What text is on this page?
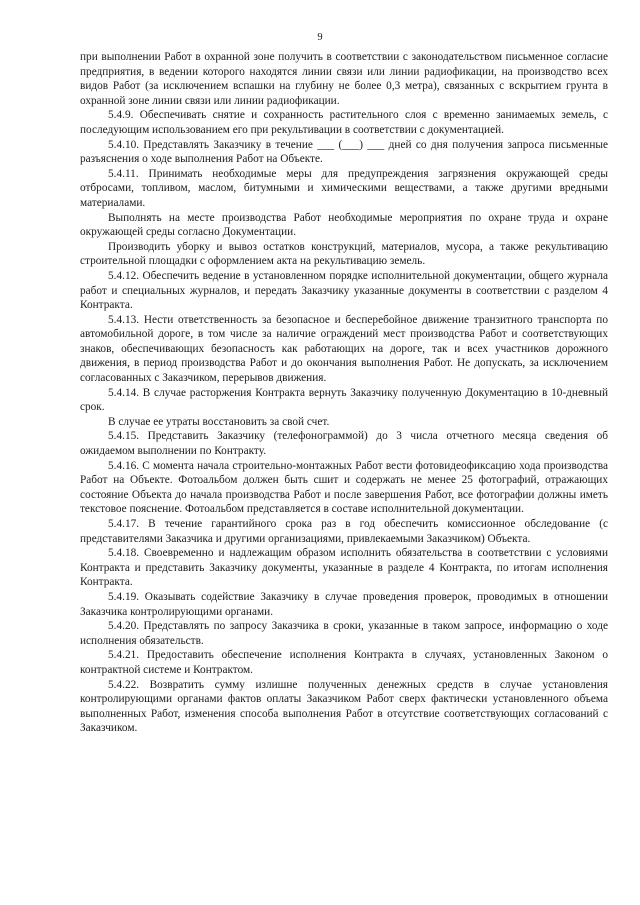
9

при выполнении Работ в охранной зоне получить в соответствии с законодательством письменное согласие предприятия, в ведении которого находятся линии связи или линии радиофикации, на производство всех видов Работ (за исключением вспашки на глубину не более 0,3 метра), связанных с вскрытием грунта в охранной зоне линии связи или линии радиофикации.

5.4.9. Обеспечивать снятие и сохранность растительного слоя с временно занимаемых земель, с последующим использованием его при рекультивации в соответствии с документацией.

5.4.10. Представлять Заказчику в течение ___ (___) ___ дней со дня получения запроса письменные разъяснения о ходе выполнения Работ на Объекте.

5.4.11. Принимать необходимые меры для предупреждения загрязнения окружающей среды отбросами, топливом, маслом, битумными и химическими веществами, а также другими вредными материалами.

Выполнять на месте производства Работ необходимые мероприятия по охране труда и охране окружающей среды согласно Документации.

Производить уборку и вывоз остатков конструкций, материалов, мусора, а также рекультивацию строительной площадки с оформлением акта на рекультивацию земель.

5.4.12. Обеспечить ведение в установленном порядке исполнительной документации, общего журнала работ и специальных журналов, и передать Заказчику указанные документы в соответствии с разделом 4 Контракта.

5.4.13. Нести ответственность за безопасное и бесперебойное движение транзитного транспорта по автомобильной дороге, в том числе за наличие ограждений мест производства Работ и соответствующих знаков, обеспечивающих безопасность как работающих на дороге, так и всех участников дорожного движения, в период производства Работ и до окончания выполнения Работ. Не допускать, за исключением согласованных с Заказчиком, перерывов движения.

5.4.14. В случае расторжения Контракта вернуть Заказчику полученную Документацию в 10-дневный срок.

В случае ее утраты восстановить за свой счет.

5.4.15. Представить Заказчику (телефонограммой) до 3 числа отчетного месяца сведения об ожидаемом выполнении по Контракту.

5.4.16. С момента начала строительно-монтажных Работ вести фотовидеофиксацию хода производства Работ на Объекте. Фотоальбом должен быть сшит и содержать не менее 25 фотографий, отражающих состояние Объекта до начала производства Работ и после завершения Работ, все фотографии должны иметь текстовое пояснение. Фотоальбом представляется в составе исполнительной документации.

5.4.17. В течение гарантийного срока раз в год обеспечить комиссионное обследование (с представителями Заказчика и другими организациями, привлекаемыми Заказчиком) Объекта.

5.4.18. Своевременно и надлежащим образом исполнить обязательства в соответствии с условиями Контракта и представить Заказчику документы, указанные в разделе 4 Контракта, по итогам исполнения Контракта.

5.4.19. Оказывать содействие Заказчику в случае проведения проверок, проводимых в отношении Заказчика контролирующими органами.

5.4.20. Представлять по запросу Заказчика в сроки, указанные в таком запросе, информацию о ходе исполнения обязательств.

5.4.21. Предоставить обеспечение исполнения Контракта в случаях, установленных Законом о контрактной системе и Контрактом.

5.4.22. Возвратить сумму излишне полученных денежных средств в случае установления контролирующими органами фактов оплаты Заказчиком Работ сверх фактически установленного объема выполненных Работ, изменения способа выполнения Работ в отсутствие соответствующих согласований с Заказчиком.
